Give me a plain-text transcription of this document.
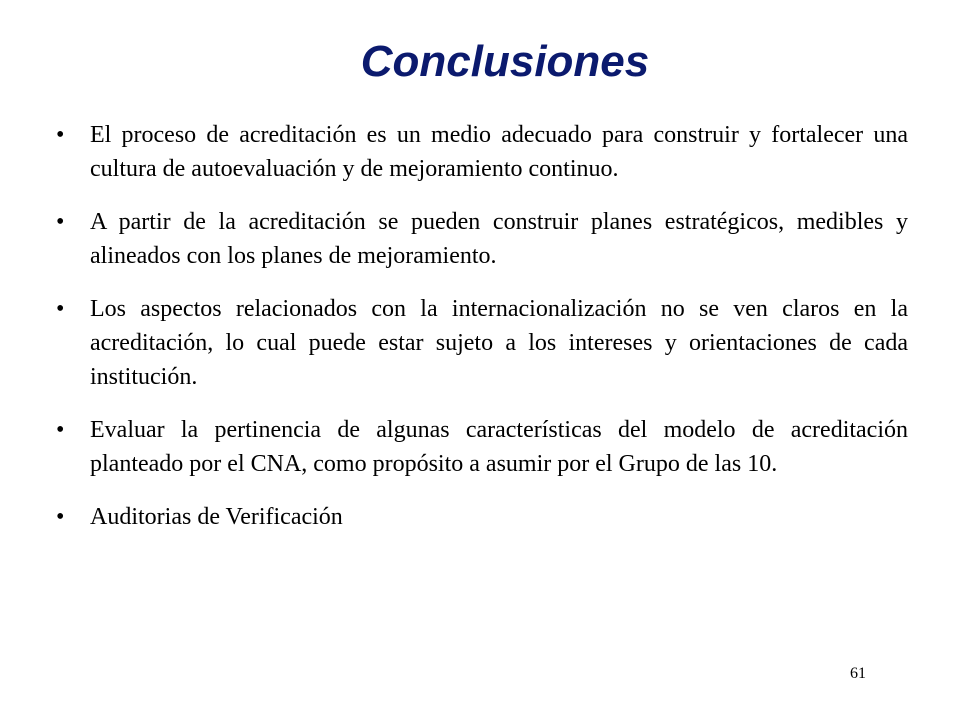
Conclusiones
• El proceso de acreditación es un medio adecuado para construir y fortalecer una cultura de autoevaluación y de mejoramiento continuo.
• A partir de la acreditación se pueden construir planes estratégicos, medibles y alineados con los planes de mejoramiento.
• Los aspectos relacionados con la internacionalización no se ven claros en la acreditación, lo cual puede estar sujeto a los intereses y orientaciones de cada institución.
• Evaluar la pertinencia de algunas características del modelo de acreditación planteado por el CNA, como propósito a asumir por el Grupo de las 10.
• Auditorias de Verificación
61
